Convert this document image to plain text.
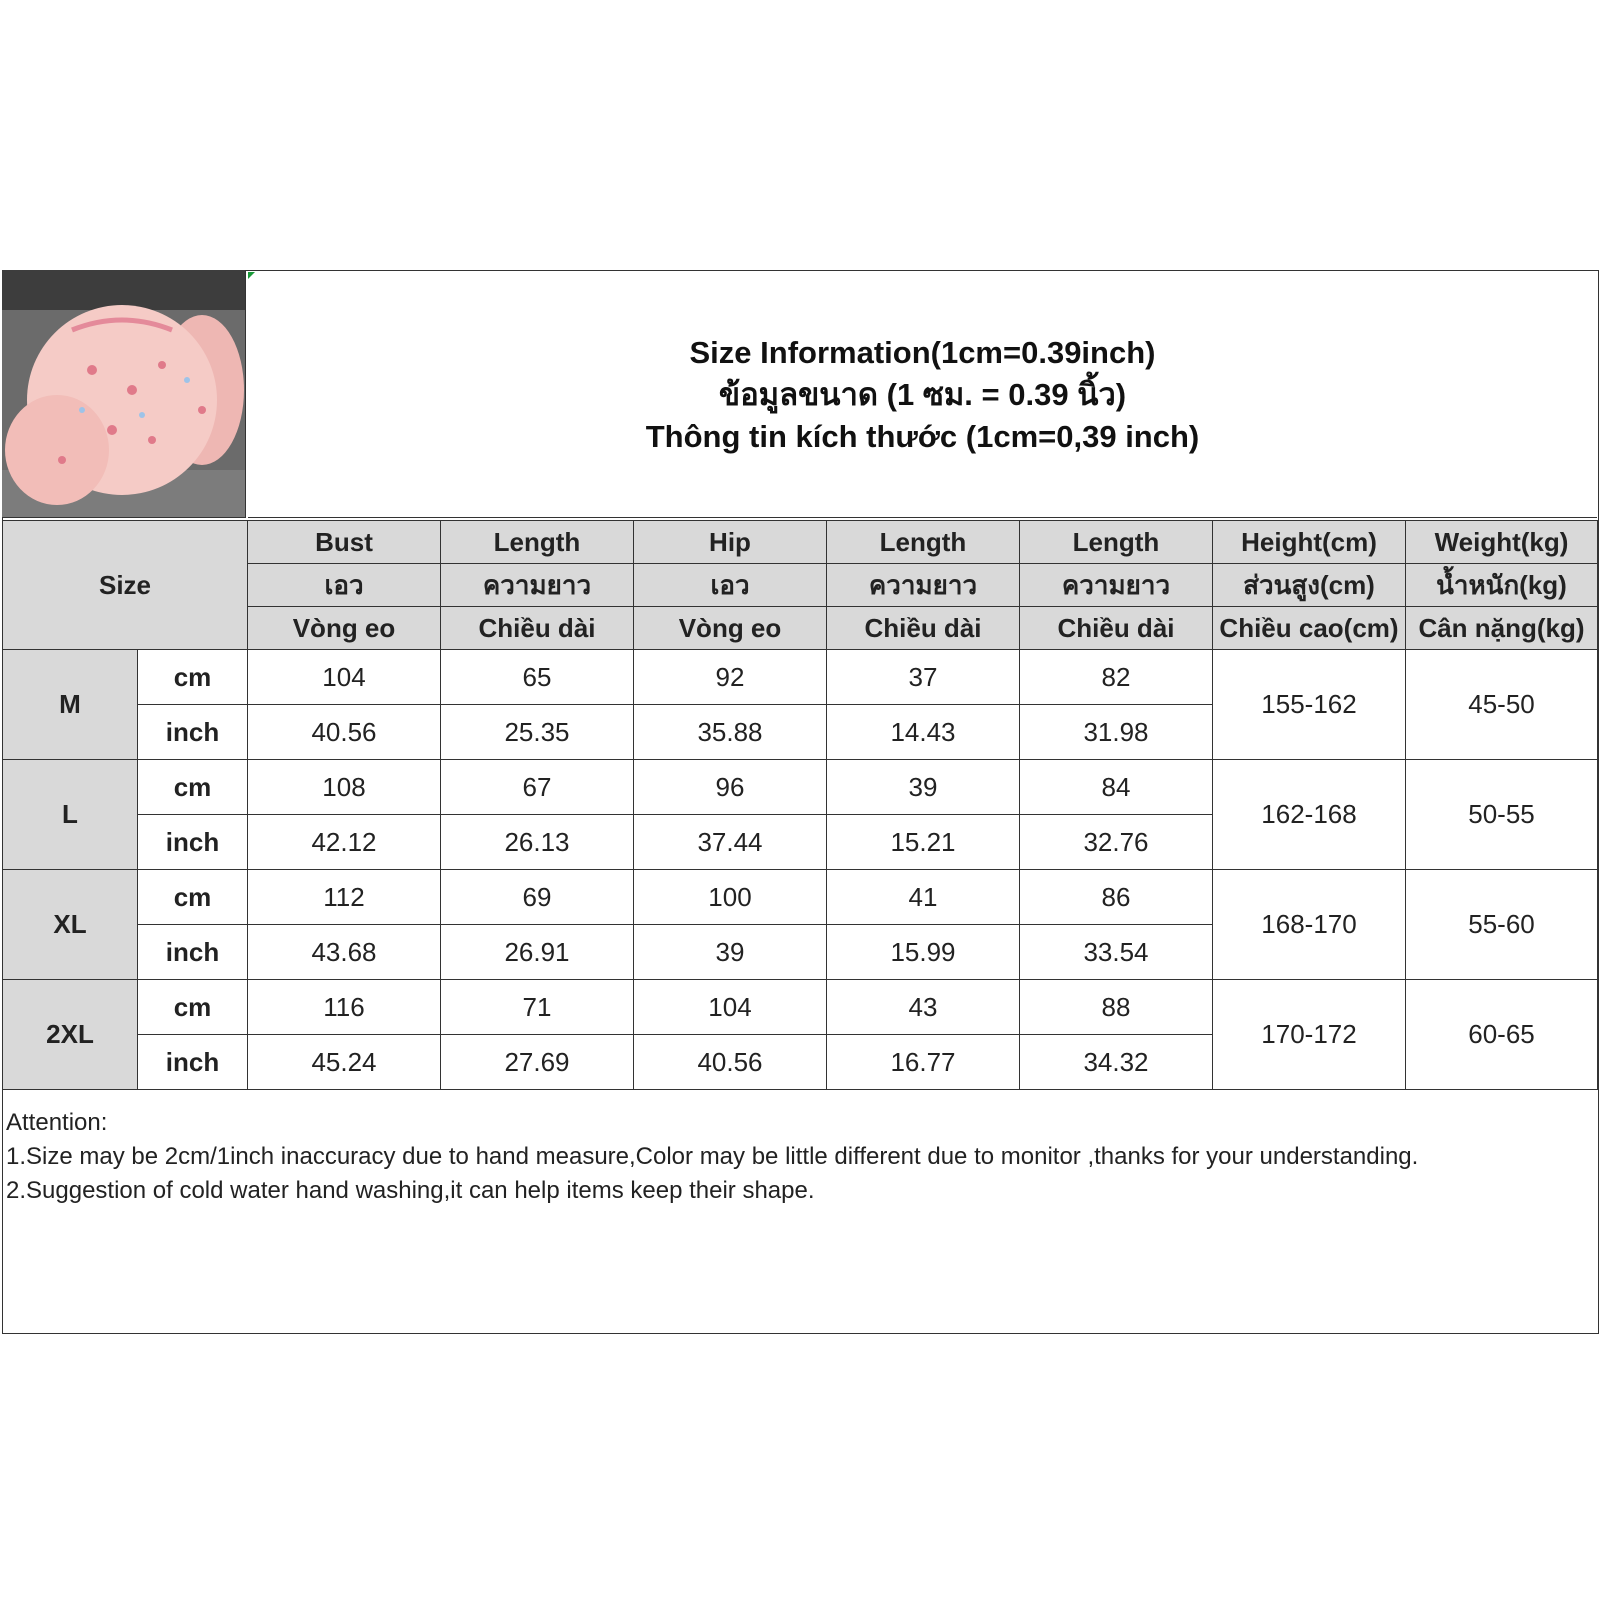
Size Information(1cm=0.39inch)
ข้อมูลขนาด (1 ซม. = 0.39 นิ้ว)
Thông tin kích thước (1cm=0,39 inch)
Size		Bust	Length	Hip	Length	Length	Height(cm)	Weight(kg)
		เอว	ความยาว	เอว	ความยาว	ความยาว	ส่วนสูง(cm)	น้ำหนัก(kg)
		Vòng eo	Chiều dài	Vòng eo	Chiều dài	Chiều dài	Chiều cao(cm)	Cân nặng(kg)
M	cm	104	65	92	37	82	155-162	45-50
	inch	40.56	25.35	35.88	14.43	31.98		
L	cm	108	67	96	39	84	162-168	50-55
	inch	42.12	26.13	37.44	15.21	32.76		
XL	cm	112	69	100	41	86	168-170	55-60
	inch	43.68	26.91	39	15.99	33.54		
2XL	cm	116	71	104	43	88	170-172	60-65
	inch	45.24	27.69	40.56	16.77	34.32		
Attention:
1.Size may be 2cm/1inch inaccuracy due to hand measure,Color may be little different due to monitor ,thanks for your understanding.
2.Suggestion of cold water hand washing,it can help items keep their shape.
